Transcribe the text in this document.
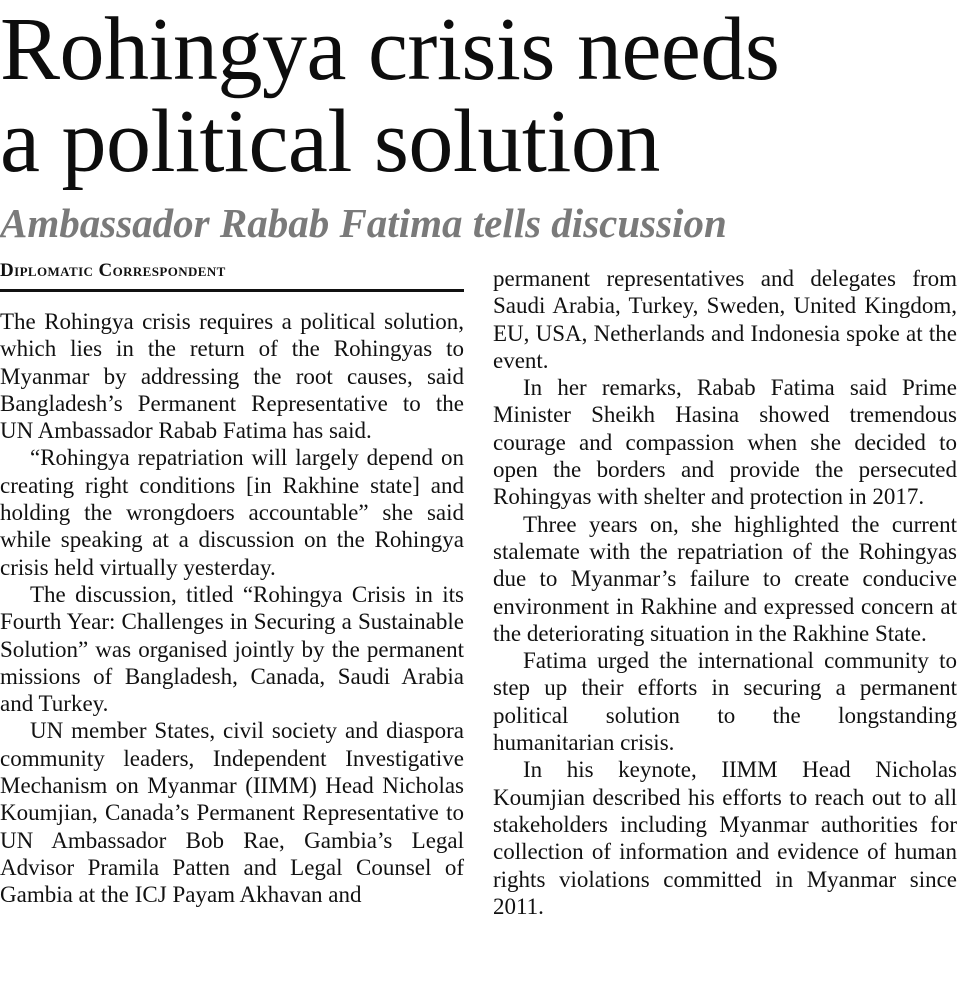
Rohingya crisis needs
a political solution
Ambassador Rabab Fatima tells discussion
Diplomatic Correspondent

The Rohingya crisis requires a political solution, which lies in the return of the Rohingyas to Myanmar by addressing the root causes, said Bangladesh’s Permanent Representative to the UN Ambassador Rabab Fatima has said.

“Rohingya repatriation will largely depend on creating right conditions [in Rakhine state] and holding the wrongdoers accountable” she said while speaking at a discussion on the Rohingya crisis held virtually yesterday.

The discussion, titled “Rohingya Crisis in its Fourth Year: Challenges in Securing a Sustainable Solution” was organised jointly by the permanent missions of Bangladesh, Canada, Saudi Arabia and Turkey.

UN member States, civil society and diaspora community leaders, Independent Investigative Mechanism on Myanmar (IIMM) Head Nicholas Koumjian, Canada’s Permanent Representative to UN Ambassador Bob Rae, Gambia’s Legal Advisor Pramila Patten and Legal Counsel of Gambia at the ICJ Payam Akhavan and

permanent representatives and delegates from Saudi Arabia, Turkey, Sweden, United Kingdom, EU, USA, Netherlands and Indonesia spoke at the event.

In her remarks, Rabab Fatima said Prime Minister Sheikh Hasina showed tremendous courage and compassion when she decided to open the borders and provide the persecuted Rohingyas with shelter and protection in 2017.

Three years on, she highlighted the current stalemate with the repatriation of the Rohingyas due to Myanmar’s failure to create conducive environment in Rakhine and expressed concern at the deteriorating situation in the Rakhine State.

Fatima urged the international community to step up their efforts in securing a permanent political solution to the longstanding humanitarian crisis.

In his keynote, IIMM Head Nicholas Koumjian described his efforts to reach out to all stakeholders including Myanmar authorities for collection of information and evidence of human rights violations committed in Myanmar since 2011.
